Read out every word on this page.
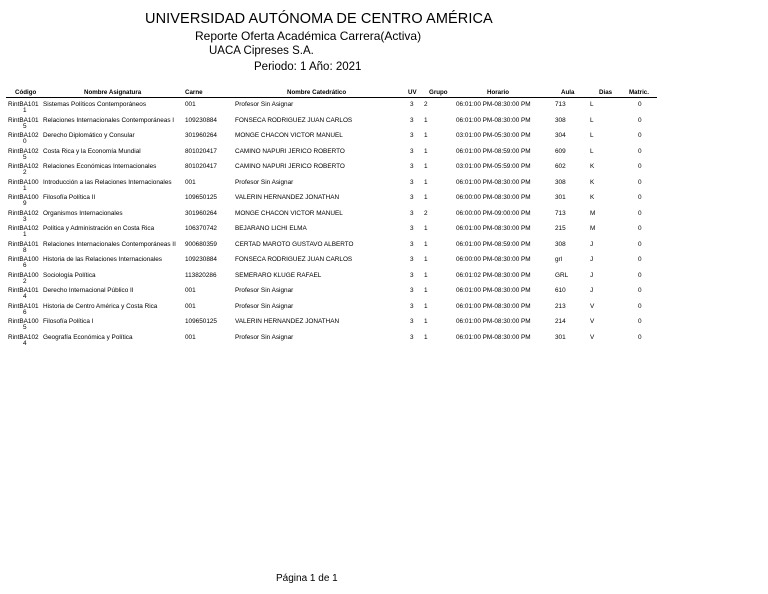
UNIVERSIDAD AUTÓNOMA DE CENTRO AMÉRICA
Reporte Oferta Académica Carrera(Activa)
UACA Cipreses S.A.
Periodo: 1 Año: 2021
Código	Nombre Asignatura	Carne	Nombre Catedrático	UV Grupo	Horario	Aula	Dias	Matric.
RintBA101 Sistemas Políticos Contemporáneos	001	Profesor Sin Asignar	3 2	06:01:00 PM-08:30:00 PM	713	L	0
1
RintBA101 Relaciones Internacionales Contemporáneas I 109230884	FONSECA RODRIGUEZ JUAN CARLOS	3 1	06:01:00 PM-08:30:00 PM	308	L	0
5
RintBA102 Derecho Diplomático y Consular	301960264	MONGE CHACON VICTOR MANUEL	3 1	03:01:00 PM-05:30:00 PM	304	L	0
0
RintBA102 Costa Rica y la Economía Mundial	801020417	CAMINO NAPURI JERICO ROBERTO	3 1	06:01:00 PM-08:59:00 PM	609	L	0
5
RintBA102 Relaciones Económicas Internacionales	801020417	CAMINO NAPURI JERICO ROBERTO	3 1	03:01:00 PM-05:59:00 PM	602	K	0
2
RintBA100 Introducción a las Relaciones Internacionales 001	Profesor Sin Asignar	3 1	06:01:00 PM-08:30:00 PM	308	K	0
1
RintBA100 Filosofía Política II	109650125	VALERIN HERNANDEZ JONATHAN	3 1	06:00:00 PM-08:30:00 PM	301	K	0
9
RintBA102 Organismos Internacionales	301960264	MONGE CHACON VICTOR MANUEL	3 2	06:00:00 PM-09:00:00 PM	713	M	0
3
RintBA102 Política y Administración en Costa Rica	106370742	BEJARANO LICHI ELMA	3 1	06:01:00 PM-08:30:00 PM	215	M	0
1
RintBA101 Relaciones Internacionales Contemporáneas II 900680359	CERTAD MAROTO GUSTAVO ALBERTO	3 1	06:01:00 PM-08:59:00 PM	308	J	0
8
RintBA100 Historia de las Relaciones Internacionales	109230884	FONSECA RODRIGUEZ JUAN CARLOS	3 1	06:00:00 PM-08:30:00 PM	grl	J	0
6
RintBA100 Sociología Política	113820286	SEMERARO KLUGE RAFAEL	3 1	06:01:02 PM-08:30:00 PM	GRL	J	0
2
RintBA101 Derecho Internacional Público II	001	Profesor Sin Asignar	3 1	06:01:00 PM-08:30:00 PM	610	J	0
4
RintBA101 Historia de Centro América y Costa Rica	001	Profesor Sin Asignar	3 1	06:01:00 PM-08:30:00 PM	213	V	0
6
RintBA100 Filosofía Política I	109650125	VALERIN HERNANDEZ JONATHAN	3 1	06:01:00 PM-08:30:00 PM	214	V	0
5
RintBA102 Geografía Económica y Política	001	Profesor Sin Asignar	3 1	06:01:00 PM-08:30:00 PM	301	V	0
4
Página 1 de 1
